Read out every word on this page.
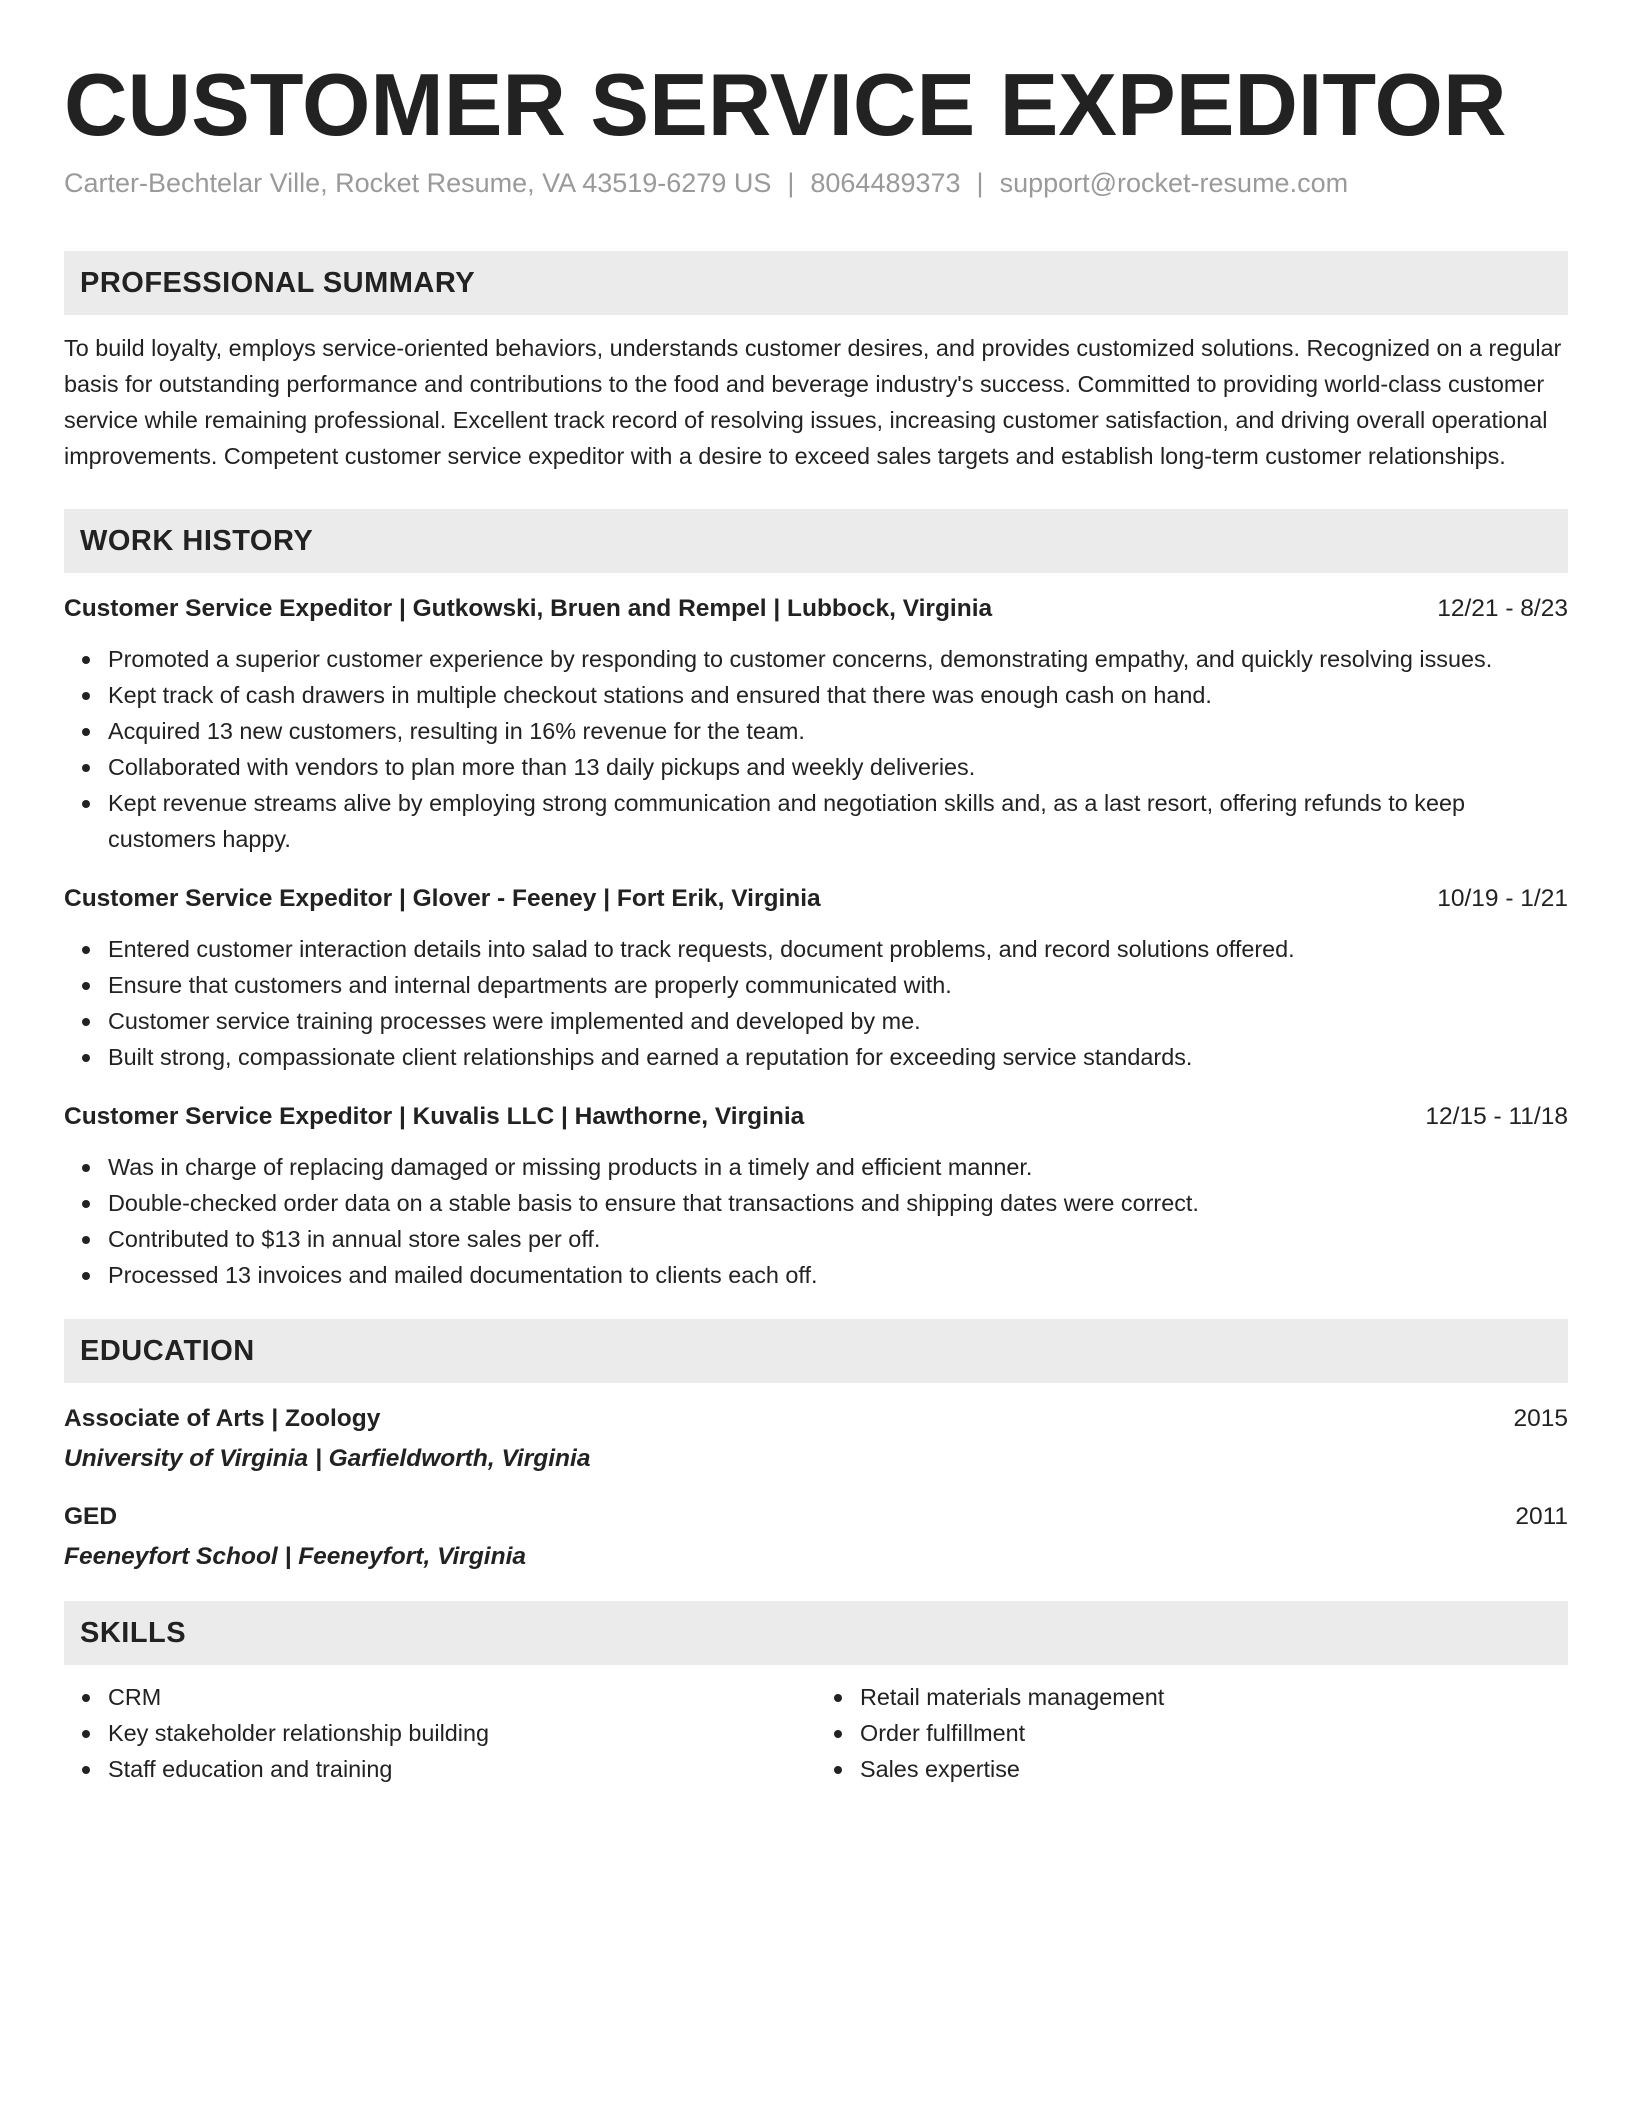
CUSTOMER SERVICE EXPEDITOR
Carter-Bechtelar Ville, Rocket Resume, VA 43519-6279 US | 8064489373 | support@rocket-resume.com
PROFESSIONAL SUMMARY

To build loyalty, employs service-oriented behaviors, understands customer desires, and provides customized solutions. Recognized on a regular basis for outstanding performance and contributions to the food and beverage industry's success. Committed to providing world-class customer service while remaining professional. Excellent track record of resolving issues, increasing customer satisfaction, and driving overall operational improvements. Competent customer service expeditor with a desire to exceed sales targets and establish long-term customer relationships.

WORK HISTORY
Customer Service Expeditor | Gutkowski, Bruen and Rempel | Lubbock, Virginia	12/21 - 8/23
Promoted a superior customer experience by responding to customer concerns, demonstrating empathy, and quickly resolving issues.
Kept track of cash drawers in multiple checkout stations and ensured that there was enough cash on hand.
Acquired 13 new customers, resulting in 16% revenue for the team.
Collaborated with vendors to plan more than 13 daily pickups and weekly deliveries.
Kept revenue streams alive by employing strong communication and negotiation skills and, as a last resort, offering refunds to keep customers happy.
Customer Service Expeditor | Glover - Feeney | Fort Erik, Virginia	10/19 - 1/21
Entered customer interaction details into salad to track requests, document problems, and record solutions offered.
Ensure that customers and internal departments are properly communicated with.
Customer service training processes were implemented and developed by me.
Built strong, compassionate client relationships and earned a reputation for exceeding service standards.
Customer Service Expeditor | Kuvalis LLC | Hawthorne, Virginia	12/15 - 11/18
Was in charge of replacing damaged or missing products in a timely and efficient manner.
Double-checked order data on a stable basis to ensure that transactions and shipping dates were correct.
Contributed to $13 in annual store sales per off.
Processed 13 invoices and mailed documentation to clients each off.
EDUCATION
Associate of Arts | Zoology	2015
University of Virginia | Garfieldworth, Virginia
GED	2011
Feeneyfort School | Feeneyfort, Virginia
SKILLS
CRM
Key stakeholder relationship building
Staff education and training
Retail materials management
Order fulfillment
Sales expertise
